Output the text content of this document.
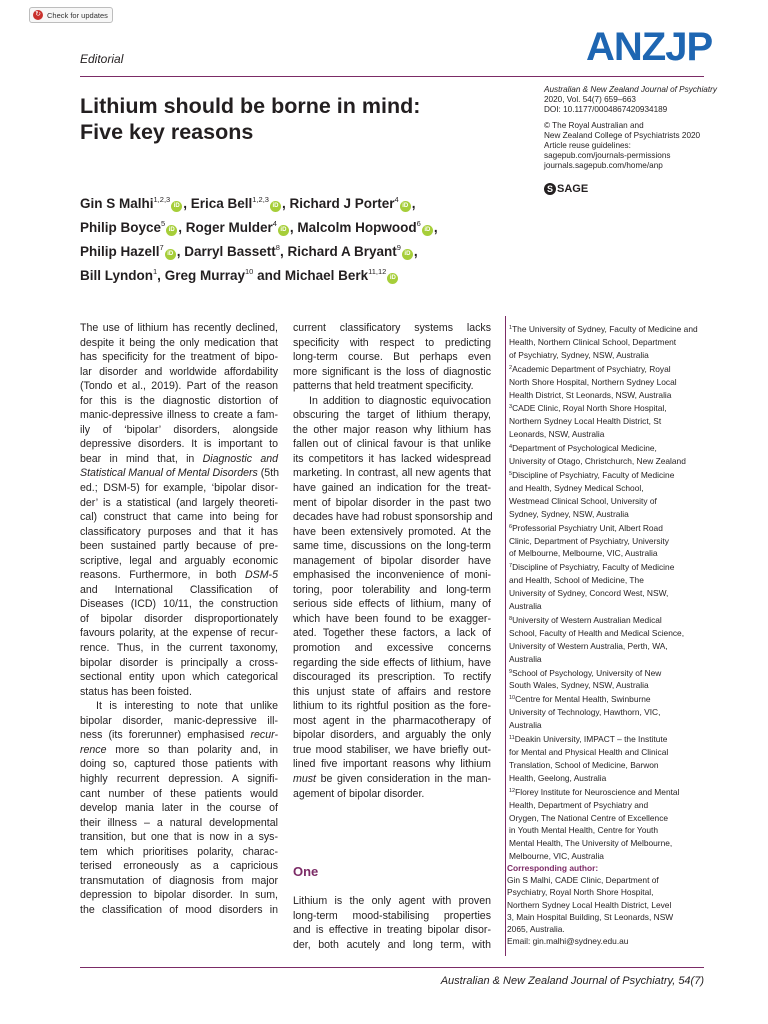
↻ Check for updates
Editorial	ANZJP
Lithium should be borne in mind:
Five key reasons
Australian & New Zealand Journal of Psychiatry
2020, Vol. 54(7) 659–663
DOI: 10.1177/0004867420934189
© The Royal Australian and
New Zealand College of Psychiatrists 2020
Article reuse guidelines:
sagepub.com/journals-permissions
journals.sagepub.com/home/anp
S SAGE
Gin S Malhi$^{1,2,3}$iD , Erica Bell$^{1,2,3}$iD , Richard J Porter$^4$iD ,
Philip Boyce$^5$iD , Roger Mulder$^4$iD , Malcolm Hopwood$^6$iD ,
Philip Hazell$^7$iD , Darryl Bassett$^8$, Richard A Bryant$^9$iD ,
Bill Lyndon$^1$, Greg Murray$^{10}$ and Michael Berk$^{11,12}$iD
The use of lithium has recently declined,
despite it being the only medication that
has specificity for the treatment of bipo-
lar disorder and worldwide affordability
(Tondo et al., 2019). Part of the reason
for this is the diagnostic distortion of
manic-depressive illness to create a fam-
ily of ‘bipolar’ disorders, alongside
depressive disorders. It is important to
bear in mind that, in Diagnostic and
Statistical Manual of Mental Disorders (5th
ed.; DSM-5) for example, ‘bipolar disor-
der’ is a statistical (and largely theoreti-
cal) construct that came into being for
classificatory purposes and that it has
been sustained partly because of pre-
scriptive, legal and arguably economic
reasons. Furthermore, in both DSM-5
and International Classification of
Diseases (ICD) 10/11, the construction
of bipolar disorder disproportionately
favours polarity, at the expense of recur-
rence. Thus, in the current taxonomy,
bipolar disorder is principally a cross-
sectional entity upon which categorical
status has been foisted.
It is interesting to note that unlike
bipolar disorder, manic-depressive ill-
ness (its forerunner) emphasised recur-
rence more so than polarity and, in
doing so, captured those patients with
highly recurrent depression. A signifi-
cant number of these patients would
develop mania later in the course of
their illness – a natural developmental
transition, but one that is now in a sys-
tem which prioritises polarity, charac-
terised erroneously as a capricious
transmutation of diagnosis from major
depression to bipolar disorder. In sum,
the classification of mood disorders in
current classificatory systems lacks
specificity with respect to predicting
long-term course. But perhaps even
more significant is the loss of diagnostic
patterns that held treatment specificity.
In addition to diagnostic equivocation
obscuring the target of lithium therapy,
the other major reason why lithium has
fallen out of clinical favour is that unlike
its competitors it has lacked widespread
marketing. In contrast, all new agents that
have gained an indication for the treat-
ment of bipolar disorder in the past two
decades have had robust sponsorship and
have been extensively promoted. At the
same time, discussions on the long-term
management of bipolar disorder have
emphasised the inconvenience of moni-
toring, poor tolerability and long-term
serious side effects of lithium, many of
which have been found to be exagger-
ated. Together these factors, a lack of
promotion and excessive concerns
regarding the side effects of lithium, have
discouraged its prescription. To rectify
this unjust state of affairs and restore
lithium to its rightful position as the fore-
most agent in the pharmacotherapy of
bipolar disorders, and arguably the only
true mood stabiliser, we have briefly out-
lined five important reasons why lithium
must be given consideration in the man-
agement of bipolar disorder.
One
Lithium is the only agent with proven
long-term mood-stabilising properties
and is effective in treating bipolar disor-
der, both acutely and long term, with
$^1$The University of Sydney, Faculty of Medicine and
Health, Northern Clinical School, Department
of Psychiatry, Sydney, NSW, Australia
$^2$Academic Department of Psychiatry, Royal
North Shore Hospital, Northern Sydney Local
Health District, St Leonards, NSW, Australia
$^3$CADE Clinic, Royal North Shore Hospital,
Northern Sydney Local Health District, St
Leonards, NSW, Australia
$^4$Department of Psychological Medicine,
University of Otago, Christchurch, New Zealand
$^5$Discipline of Psychiatry, Faculty of Medicine
and Health, Sydney Medical School,
Westmead Clinical School, University of
Sydney, Sydney, NSW, Australia
$^6$Professorial Psychiatry Unit, Albert Road
Clinic, Department of Psychiatry, University
of Melbourne, Melbourne, VIC, Australia
$^7$Discipline of Psychiatry, Faculty of Medicine
and Health, School of Medicine, The
University of Sydney, Concord West, NSW,
Australia
$^8$University of Western Australian Medical
School, Faculty of Health and Medical Science,
University of Western Australia, Perth, WA,
Australia
$^9$School of Psychology, University of New
South Wales, Sydney, NSW, Australia
$^{10}$Centre for Mental Health, Swinburne
University of Technology, Hawthorn, VIC,
Australia
$^{11}$Deakin University, IMPACT – the Institute
for Mental and Physical Health and Clinical
Translation, School of Medicine, Barwon
Health, Geelong, Australia
$^{12}$Florey Institute for Neuroscience and Mental
Health, Department of Psychiatry and
Orygen, The National Centre of Excellence
in Youth Mental Health, Centre for Youth
Mental Health, The University of Melbourne,
Melbourne, VIC, Australia
Corresponding author:
Gin S Malhi, CADE Clinic, Department of
Psychiatry, Royal North Shore Hospital,
Northern Sydney Local Health District, Level
3, Main Hospital Building, St Leonards, NSW
2065, Australia.
Email: gin.malhi@sydney.edu.au
Australian & New Zealand Journal of Psychiatry, 54(7)
